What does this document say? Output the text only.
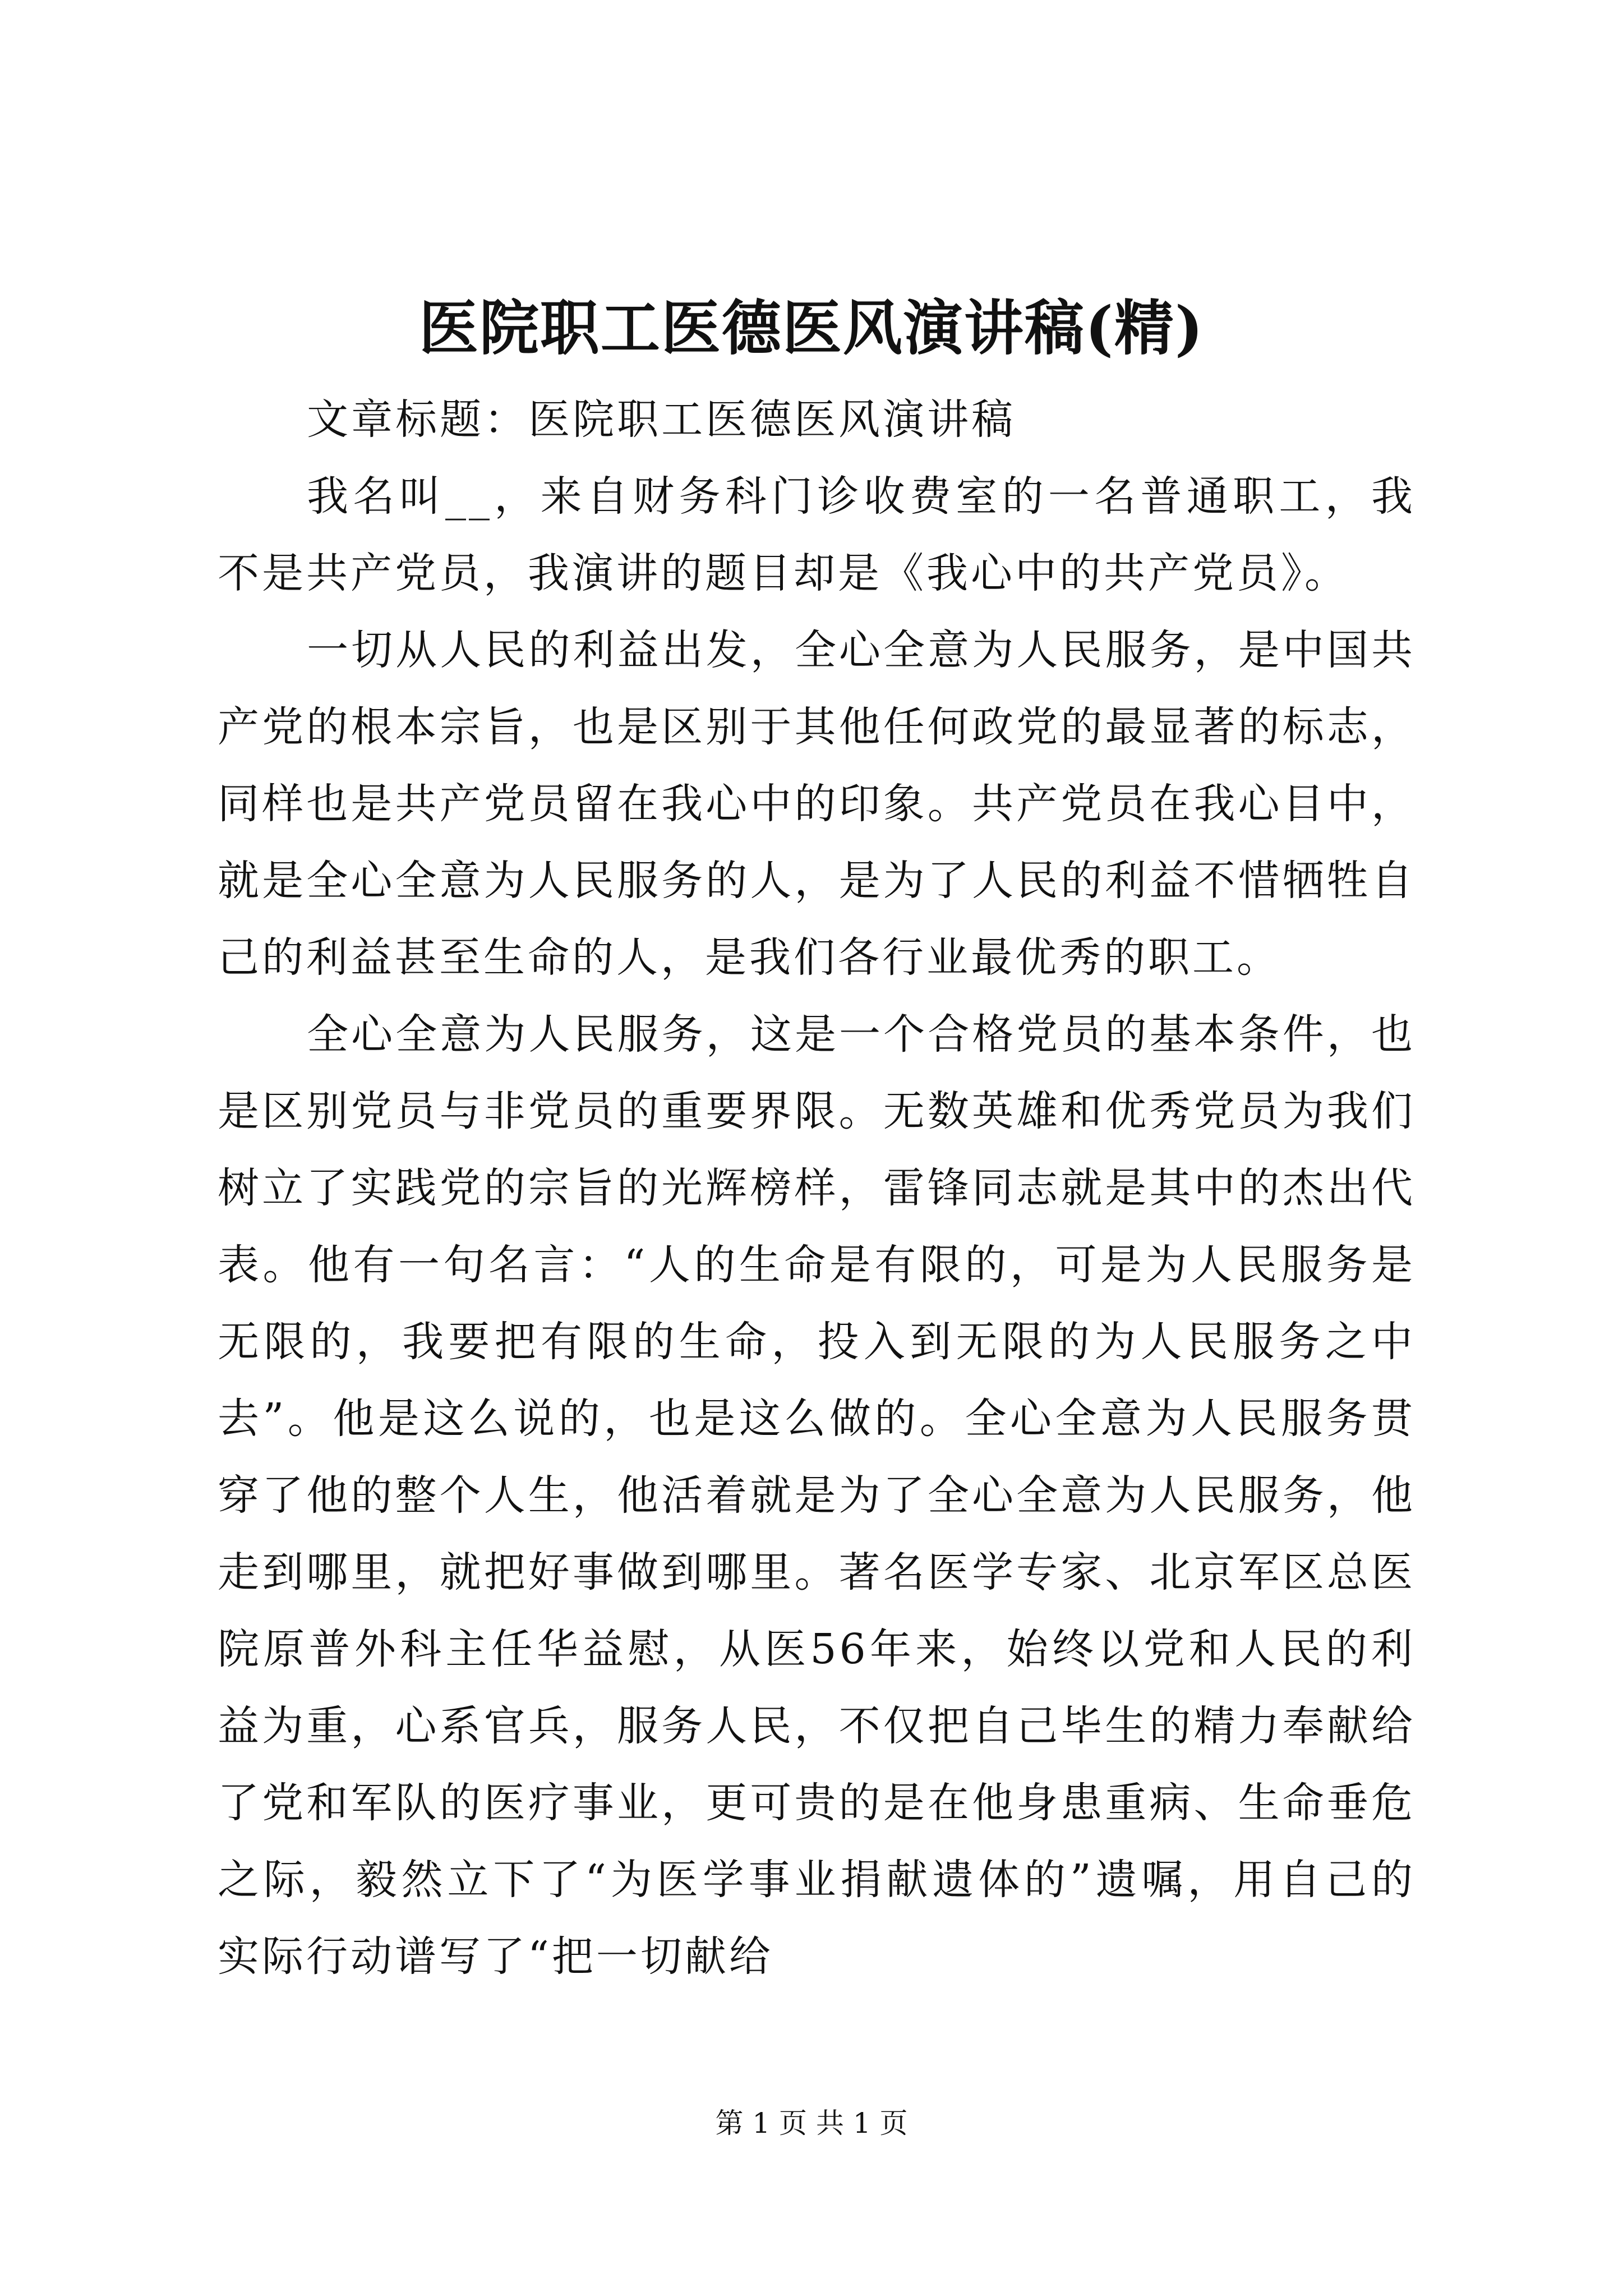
医院职工医德医风演讲稿(精)

文章标题：医院职工医德医风演讲稿

我名叫__，来自财务科门诊收费室的一名普通职工，我不是共产党员，我演讲的题目却是《我心中的共产党员》。

一切从人民的利益出发，全心全意为人民服务，是中国共产党的根本宗旨，也是区别于其他任何政党的最显著的标志，同样也是共产党员留在我心中的印象。共产党员在我心目中，就是全心全意为人民服务的人，是为了人民的利益不惜牺牲自己的利益甚至生命的人，是我们各行业最优秀的职工。

全心全意为人民服务，这是一个合格党员的基本条件，也是区别党员与非党员的重要界限。无数英雄和优秀党员为我们树立了实践党的宗旨的光辉榜样，雷锋同志就是其中的杰出代表。他有一句名言：“人的生命是有限的，可是为人民服务是无限的，我要把有限的生命，投入到无限的为人民服务之中去”。他是这么说的，也是这么做的。全心全意为人民服务贯穿了他的整个人生，他活着就是为了全心全意为人民服务，他走到哪里，就把好事做到哪里。著名医学专家、北京军区总医院原普外科主任华益慰，从医56年来，始终以党和人民的利益为重，心系官兵，服务人民，不仅把自己毕生的精力奉献给了党和军队的医疗事业，更可贵的是在他身患重病、生命垂危之际，毅然立下了“为医学事业捐献遗体的”遗嘱，用自己的实际行动谱写了“把一切献给

第 1 页 共 1 页
